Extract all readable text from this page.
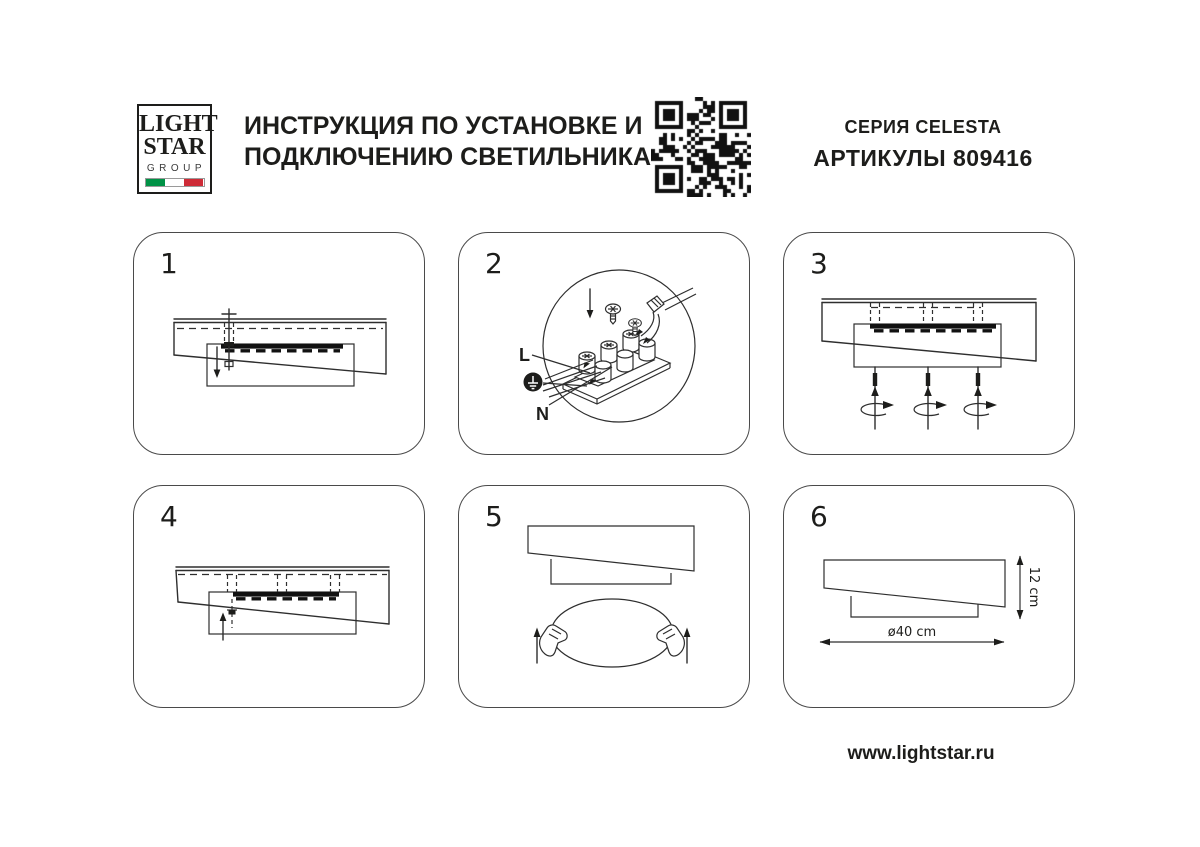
LIGHT
STAR
GROUP
ИНСТРУКЦИЯ ПО УСТАНОВКЕ И
ПОДКЛЮЧЕНИЮ СВЕТИЛЬНИКА
СЕРИЯ CELESTA
АРТИКУЛЫ 809416
1
L
N
2	3
4	5
12 cm
ø40 cm
6
www.lightstar.ru
